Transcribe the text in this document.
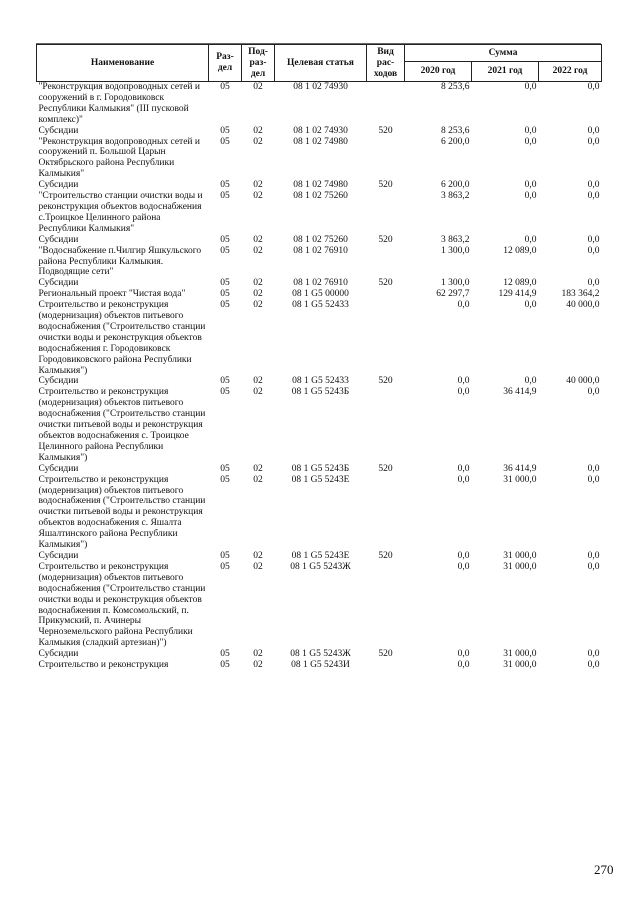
Наименование	Раз-дел	Под-раз-дел	Целевая статья	Вид рас-ходов	Сумма		
					2020 год	2021 год	2022 год
"Реконструкция водопроводных сетей и сооружений в г. Городовиковск Республики Калмыкия" (III пусковой комплекс)"	05	02	08 1 02 74930		8 253,6	0,0	0,0
Субсидии	05	02	08 1 02 74930	520	8 253,6	0,0	0,0
"Реконструкция водопроводных сетей и сооружений п. Большой Царын Октябрьского района Республики Калмыкия"	05	02	08 1 02 74980		6 200,0	0,0	0,0
Субсидии	05	02	08 1 02 74980	520	6 200,0	0,0	0,0
"Строительство станции очистки воды и реконструкция объектов водоснабжения с.Троицкое Целинного района Республики Калмыкия"	05	02	08 1 02 75260		3 863,2	0,0	0,0
Субсидии	05	02	08 1 02 75260	520	3 863,2	0,0	0,0
"Водоснабжение п.Чилгир Яшкульского района Республики Калмыкия. Подводящие сети"	05	02	08 1 02 76910		1 300,0	12 089,0	0,0
Субсидии	05	02	08 1 02 76910	520	1 300,0	12 089,0	0,0
Региональный проект "Чистая вода"	05	02	08 1 G5 00000		62 297,7	129 414,9	183 364,2
Строительство и реконструкция (модернизация) объектов питьевого водоснабжения ("Строительство станции очистки воды и реконструкция объектов водоснабжения г. Городовиковск Городовиковского района Республики Калмыкия")	05	02	08 1 G5 52433		0,0	0,0	40 000,0
Субсидии	05	02	08 1 G5 52433	520	0,0	0,0	40 000,0
Строительство и реконструкция (модернизация) объектов питьевого водоснабжения ("Строительство станции очистки питьевой воды и реконструкция объектов водоснабжения с. Троицкое Целинного района Республики Калмыкия")	05	02	08 1 G5 5243Б		0,0	36 414,9	0,0
Субсидии	05	02	08 1 G5 5243Б	520	0,0	36 414,9	0,0
Строительство и реконструкция (модернизация) объектов питьевого водоснабжения ("Строительство станции очистки питьевой воды и реконструкция объектов водоснабжения с. Яшалта Яшалтинского района Республики Калмыкия")	05	02	08 1 G5 5243Е		0,0	31 000,0	0,0
Субсидии	05	02	08 1 G5 5243Е	520	0,0	31 000,0	0,0
Строительство и реконструкция (модернизация) объектов питьевого водоснабжения ("Строительство станции очистки воды и реконструкция объектов водоснабжения п. Комсомольский, п. Прикумский, п. Ачинеры Черноземельского района Республики Калмыкия (сладкий артезиан)")	05	02	08 1 G5 5243Ж		0,0	31 000,0	0,0
Субсидии	05	02	08 1 G5 5243Ж	520	0,0	31 000,0	0,0
Строительство и реконструкция	05	02	08 1 G5 5243И		0,0	31 000,0	0,0
270
